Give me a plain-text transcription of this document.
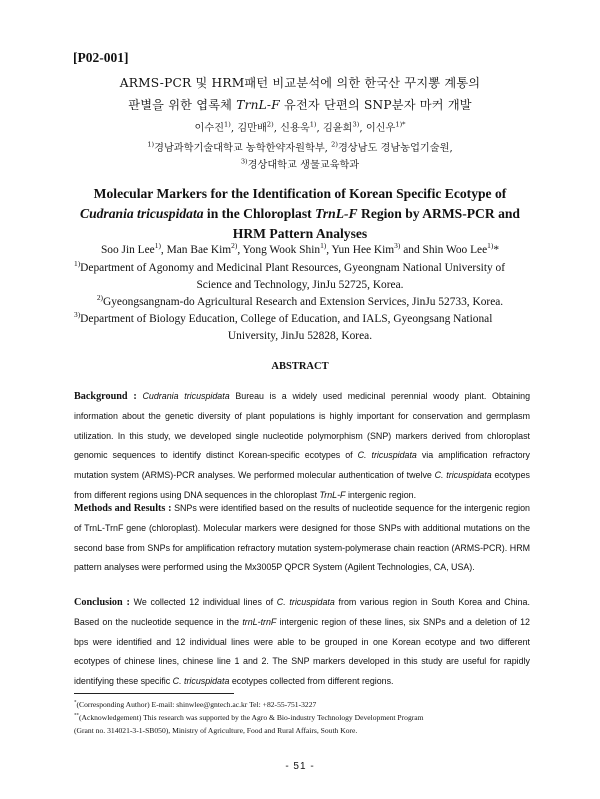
[P02-001]
ARMS-PCR 및 HRM패턴 비교분석에 의한 한국산 꾸지뽕 계통의
판별을 위한 엽록체 TrnL-F 유전자 단편의 SNP분자 마커 개발
이수진$^{1)}$, 김만배$^{2)}$, 신용욱$^{1)}$, 김윤희$^{3)}$, 이신우$^{1)*}$
$^{1)}$경남과학기술대학교 농학한약자원학부, $^{2)}$경상남도 경남농업기술원,
$^{3)}$경상대학교 생물교육학과
Molecular Markers for the Identification of Korean Specific Ecotype of
Cudrania tricuspidata in the Chloroplast TrnL-F Region by ARMS-PCR and
HRM Pattern Analyses
Soo Jin Lee$^{1)}$, Man Bae Kim$^{2)}$, Yong Wook Shin$^{1)}$, Yun Hee Kim$^{3)}$ and Shin Woo Lee$^{1)}$*
$^{1)}$Department of Agonomy and Medicinal Plant Resources, Gyeongnam National University of
Science and Technology, JinJu 52725, Korea.
$^{2)}$Gyeongsangnam-do Agricultural Research and Extension Services, JinJu 52733, Korea.
$^{3)}$Department of Biology Education, College of Education, and IALS, Gyeongsang National
University, JinJu 52828, Korea.
ABSTRACT
Background : Cudrania tricuspidata Bureau is a widely used medicinal perennial woody plant. Obtaining information about the genetic diversity of plant populations is highly important for conservation and germplasm utilization. In this study, we developed single nucleotide polymorphism (SNP) markers derived from chloroplast genomic sequences to identify distinct Korean-specific ecotypes of C. tricuspidata via amplification refractory mutation system (ARMS)-PCR analyses. We performed molecular authentication of twelve C. tricuspidata ecotypes from different regions using DNA sequences in the chloroplast TrnL-F intergenic region.
Methods and Results : SNPs were identified based on the results of nucleotide sequence for the intergenic region of TrnL-TrnF gene (chloroplast). Molecular markers were designed for those SNPs with additional mutations on the second base from SNPs for amplification refractory mutation system-polymerase chain reaction (ARMS-PCR). HRM pattern analyses were performed using the Mx3005P QPCR System (Agilent Technologies, CA, USA).
Conclusion : We collected 12 individual lines of C. tricuspidata from various region in South Korea and China. Based on the nucleotide sequence in the trnL-trnF intergenic region of these lines, six SNPs and a deletion of 12 bps were identified and 12 individual lines were able to be grouped in one Korean ecotype and two different ecotypes of chinese lines, chinese line 1 and 2. The SNP markers developed in this study are useful for rapidly identifying these specific C. tricuspidata ecotypes collected from different regions.
*(Corresponding Author) E-mail: shinwlee@gntech.ac.kr Tel: +82-55-751-3227
**(Acknowledgement) This research was supported by the Agro & Bio-industry Technology Development Program
(Grant no. 314021-3-1-SB050), Ministry of Agriculture, Food and Rural Affairs, South Kore.
- 51 -
